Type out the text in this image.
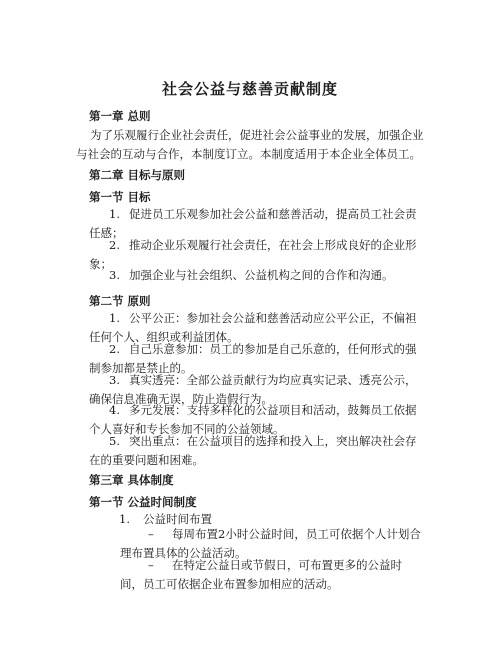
社会公益与慈善贡献制度
第一章 总则
为了乐观履行企业社会责任，促进社会公益事业的发展，加强企业与社会的互动与合作，本制度订立。本制度适用于本企业全体员工。
第二章 目标与原则
第一节 目标
1. 促进员工乐观参加社会公益和慈善活动，提高员工社会责任感；
2. 推动企业乐观履行社会责任，在社会上形成良好的企业形象；
3. 加强企业与社会组织、公益机构之间的合作和沟通。
第二节 原则
1. 公平公正：参加社会公益和慈善活动应公平公正，不偏袒任何个人、组织或利益团体。
2. 自己乐意参加：员工的参加是自己乐意的，任何形式的强制参加都是禁止的。
3. 真实透亮：全部公益贡献行为均应真实记录、透亮公示，确保信息准确无误，防止造假行为。
4. 多元发展：支持多样化的公益项目和活动，鼓舞员工依据个人喜好和专长参加不同的公益领域。
5. 突出重点：在公益项目的选择和投入上，突出解决社会存在的重要问题和困难。
第三章 具体制度
第一节 公益时间制度
1. 公益时间布置
– 每周布置2小时公益时间，员工可依据个人计划合理布置具体的公益活动。
– 在特定公益日或节假日，可布置更多的公益时间，员工可依据企业布置参加相应的活动。
